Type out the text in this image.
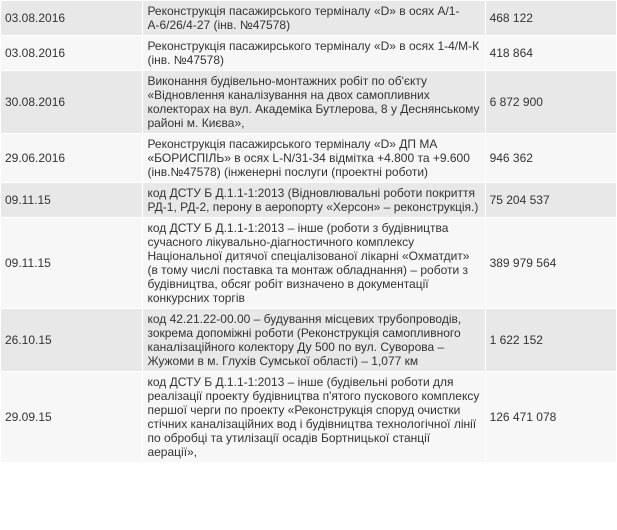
03.08.2016	Реконструкція пасажирського терміналу «D» в осях А/1-А-6/26/4-27 (інв. №47578)	468 122
03.08.2016	Реконструкція пасажирського терміналу «D» в осях 1-4/М-К (інв. №47578)	418 864
30.08.2016	Виконання будівельно-монтажних робіт по об'єкту «Відновлення каналізування на двох самопливних колекторах на вул. Академіка Бутлерова, 8 у Деснянському районі м. Києва»,	6 872 900
29.06.2016	Реконструкція пасажирського терміналу «D» ДП МА «БОРИСПІЛЬ» в осях L-N/31-34 відмітка +4.800 та +9.600 (інв.№47578) (інженерні послуги (проектні роботи)	946 362
09.11.15	код ДСТУ Б Д.1.1-1:2013 (Відновлювальні роботи покриття РД-1, РД-2, перону в аеропорту «Херсон» – реконструкція.)	75 204 537
09.11.15	код ДСТУ Б Д.1.1-1:2013 – інше (роботи з будівництва сучасного лікувально-діагностичного комплексу Національної дитячої спеціалізованої лікарні «Охматдит» (в тому числі поставка та монтаж обладнання) – роботи з будівництва, обсяг робіт визначено в документації конкурсних торгів	389 979 564
26.10.15	код 42.21.22-00.00 – будування місцевих трубопроводів, зокрема допоміжні роботи (Реконструкція самопливного каналізаційного колектору Ду 500 по вул. Суворова – Жужоми в м. Глухів Сумської області) – 1,077 км	1 622 152
29.09.15	код ДСТУ Б Д.1.1-1:2013 – інше (будівельні роботи для реалізації проекту будівництва п'ятого пускового комплексу першої черги по проекту «Реконструкція споруд очистки стічних каналізаційних вод і будівництва технологічної лінії по обробці та утилізації осадів Бортницької станції аерації»,	126 471 078
